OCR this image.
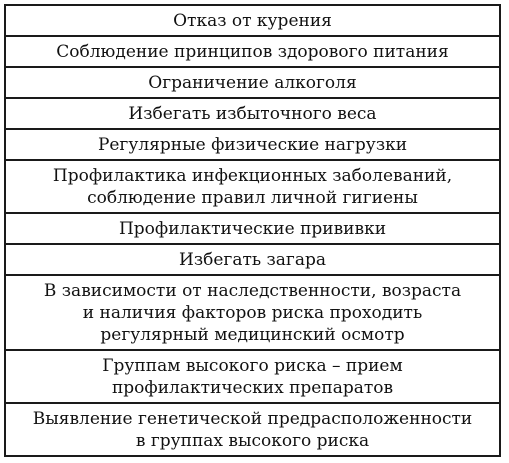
Отказ от курения
Соблюдение принципов здорового питания
Ограничение алкоголя
Избегать избыточного веса
Регулярные физические нагрузки
Профилактика инфекционных заболеваний,
соблюдение правил личной гигиены
Профилактические прививки
Избегать загара
В зависимости от наследственности, возраста
и наличия факторов риска проходить
регулярный медицинский осмотр
Группам высокого риска – прием
профилактических препаратов
Выявление генетической предрасположенности
в группах высокого риска
